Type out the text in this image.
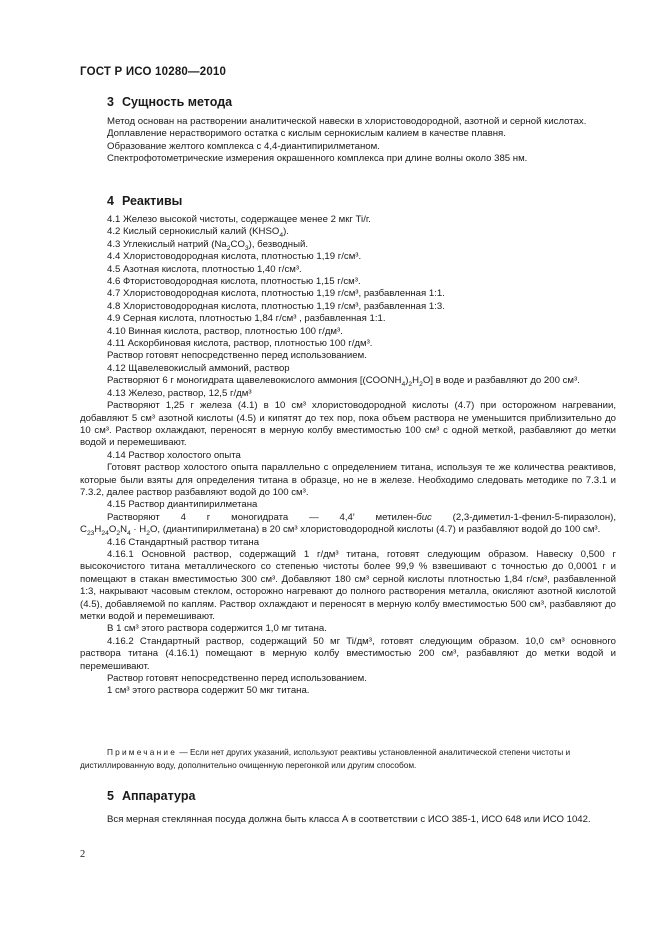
ГОСТ Р ИСО 10280—2010
3 Сущность метода

Метод основан на растворении аналитической навески в хлористоводородной, азотной и серной кислотах.

Доплавление нерастворимого остатка с кислым сернокислым калием в качестве плавня.

Образование желтого комплекса с 4,4-диантипирилметаном.

Спектрофотометрические измерения окрашенного комплекса при длине волны около 385 нм.

4 Реактивы

4.1 Железо высокой чистоты, содержащее менее 2 мкг Ti/г.

4.2 Кислый сернокислый калий $(KHSO_4)$.

4.3 Углекислый натрий $(Na_2CO_3)$, безводный.

4.4 Хлористоводородная кислота, плотностью 1,19 г/см³.

4.5 Азотная кислота, плотностью 1,40 г/см³.

4.6 Фтористоводородная кислота, плотностью 1,15 г/см³.

4.7 Хлористоводородная кислота, плотностью 1,19 г/см³, разбавленная 1:1.

4.8 Хлористоводородная кислота, плотностью 1,19 г/см³, разбавленная 1:3.

4.9 Серная кислота, плотностью 1,84 г/см³ , разбавленная 1:1.

4.10 Винная кислота, раствор, плотностью 100 г/дм³.

4.11 Аскорбиновая кислота, раствор, плотностью 100 г/дм³.

Раствор готовят непосредственно перед использованием.

4.12 Щавелевокислый аммоний, раствор

Растворяют 6 г моногидрата щавелевокислого аммония $[(COONH_4)_2H_2O]$ в воде и разбавляют до 200 см³.

4.13 Железо, раствор, 12,5 г/дм³

Растворяют 1,25 г железа (4.1) в 10 см³ хлористоводородной кислоты (4.7) при осторожном нагревании, добавляют 5 см³ азотной кислоты (4.5) и кипятят до тех пор, пока объем раствора не уменьшится приблизительно до 10 см³. Раствор охлаждают, переносят в мерную колбу вместимостью 100 см³ с одной меткой, разбавляют до метки водой и перемешивают.

4.14 Раствор холостого опыта

Готовят раствор холостого опыта параллельно с определением титана, используя те же количества реактивов, которые были взяты для определения титана в образце, но не в железе. Необходимо следовать методике по 7.3.1 и 7.3.2, далее раствор разбавляют водой до 100 см³.

4.15 Раствор диантипирилметана

Растворяют 4 г моногидрата — 4,4′ метилен-бис (2,3-диметил-1-фенил-5-пиразолон),

$C_{23}H_{24}O_2N_4 \cdot H_2O$, (диантипирилметана) в 20 см³ хлористоводородной кислоты (4.7) и разбавляют водой до 100 см³.

4.16 Стандартный раствор титана

4.16.1 Основной раствор, содержащий 1 г/дм³ титана, готовят следующим образом. Навеску 0,500 г высокочистого титана металлического со степенью чистоты более 99,9 % взвешивают с точностью до 0,0001 г и помещают в стакан вместимостью 300 см³. Добавляют 180 см³ серной кислоты плотностью 1,84 г/см³, разбавленной 1:3, накрывают часовым стеклом, осторожно нагревают до полного растворения металла, окисляют азотной кислотой (4.5), добавляемой по каплям. Раствор охлаждают и переносят в мерную колбу вместимостью 500 см³, разбавляют до метки водой и перемешивают.

В 1 см³ этого раствора содержится 1,0 мг титана.

4.16.2 Стандартный раствор, содержащий 50 мг Ti/дм³, готовят следующим образом. 10,0 см³ основного раствора титана (4.16.1) помещают в мерную колбу вместимостью 200 см³, разбавляют до метки водой и перемешивают.

Раствор готовят непосредственно перед использованием.

1 см³ этого раствора содержит 50 мкг титана.

Примечание — Если нет других указаний, используют реактивы установленной аналитической степени чистоты и дистиллированную воду, дополнительно очищенную перегонкой или другим способом.

5 Аппаратура

Вся мерная стеклянная посуда должна быть класса А в соответствии с ИСО 385-1, ИСО 648 или ИСО 1042.

2
